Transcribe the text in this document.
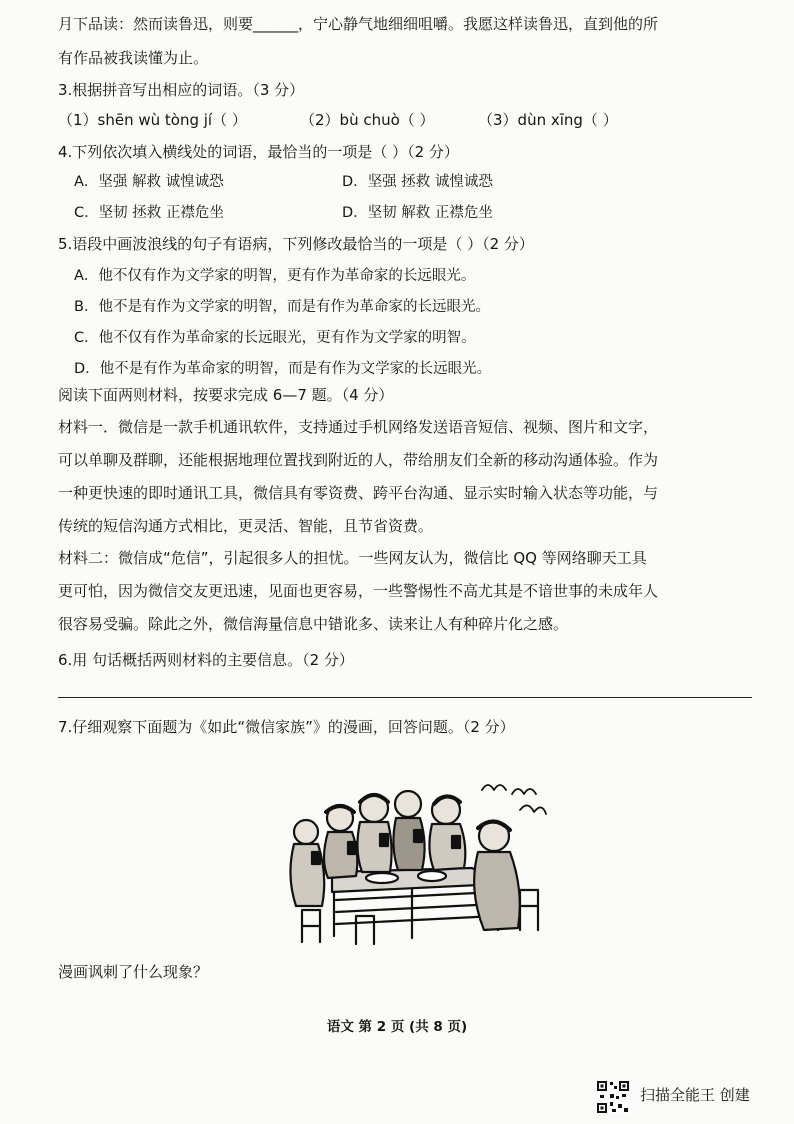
月下品读：然而读鲁迅，则要______，宁心静气地细细咀嚼。我愿这样读鲁迅，直到他的所
有作品被我读懂为止。
3.根据拼音写出相应的词语。（3 分）
（1）shēn wù tòng jí（ ）	（2）bù chuò（ ）	（3）dùn xīng（ ）
4.下列依次填入横线处的词语，最恰当的一项是（ ）（2 分）
A．坚强 解救 诚惶诚恐	D．坚强 拯救 诚惶诚恐
C．坚韧 拯救 正襟危坐	D．坚韧 解救 正襟危坐
5.语段中画波浪线的句子有语病，下列修改最恰当的一项是（ ）（2 分）
A．他不仅有作为文学家的明智，更有作为革命家的长远眼光。
B．他不是有作为文学家的明智，而是有作为革命家的长远眼光。
C．他不仅有作为革命家的长远眼光，更有作为文学家的明智。
D．他不是有作为革命家的明智，而是有作为文学家的长远眼光。
阅读下面两则材料，按要求完成 6—7 题。（4 分）
材料一．微信是一款手机通讯软件，支持通过手机网络发送语音短信、视频、图片和文字，
可以单聊及群聊，还能根据地理位置找到附近的人，带给朋友们全新的移动沟通体验。作为
一种更快速的即时通讯工具，微信具有零资费、跨平台沟通、显示实时输入状态等功能，与
传统的短信沟通方式相比，更灵活、智能，且节省资费。
材料二：微信成“危信”，引起很多人的担忧。一些网友认为，微信比 QQ 等网络聊天工具
更可怕，因为微信交友更迅速，见面也更容易，一些警惕性不高尤其是不谙世事的未成年人
很容易受骗。除此之外，微信海量信息中错讹多、读来让人有种碎片化之感。
6.用 句话概括两则材料的主要信息。（2 分）
7.仔细观察下面题为《如此“微信家族”》的漫画，回答问题。（2 分）
漫画讽刺了什么现象？
语文 第 2 页 (共 8 页)
扫描全能王 创建
